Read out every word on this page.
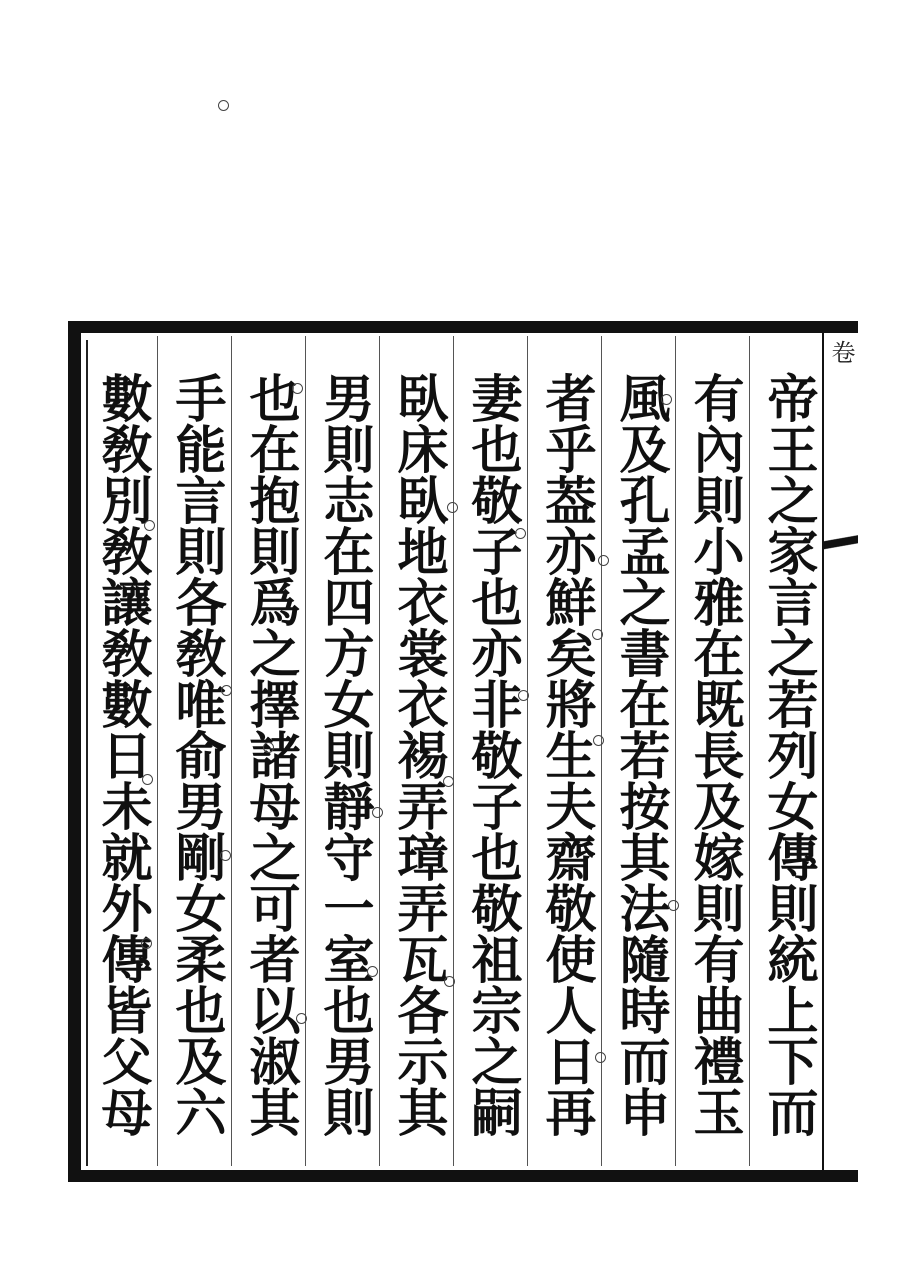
卷
帝王之家言之若列女傳則統上下而
有內則小雅在既長及嫁則有曲禮玉
風及孔孟之書在若按其法隨時而申
者乎葢亦鮮矣將生夫齋敬使人日再
妻也敬子也亦非敬子也敬祖宗之嗣
臥床臥地衣裳衣裼弄璋弄瓦各示其
男則志在四方女則靜守一室也男則
也在抱則爲之擇諸母之可者以淑其
手能言則各敎唯俞男剛女柔也及六
數敎別敎讓敎數日未就外傳皆父母
